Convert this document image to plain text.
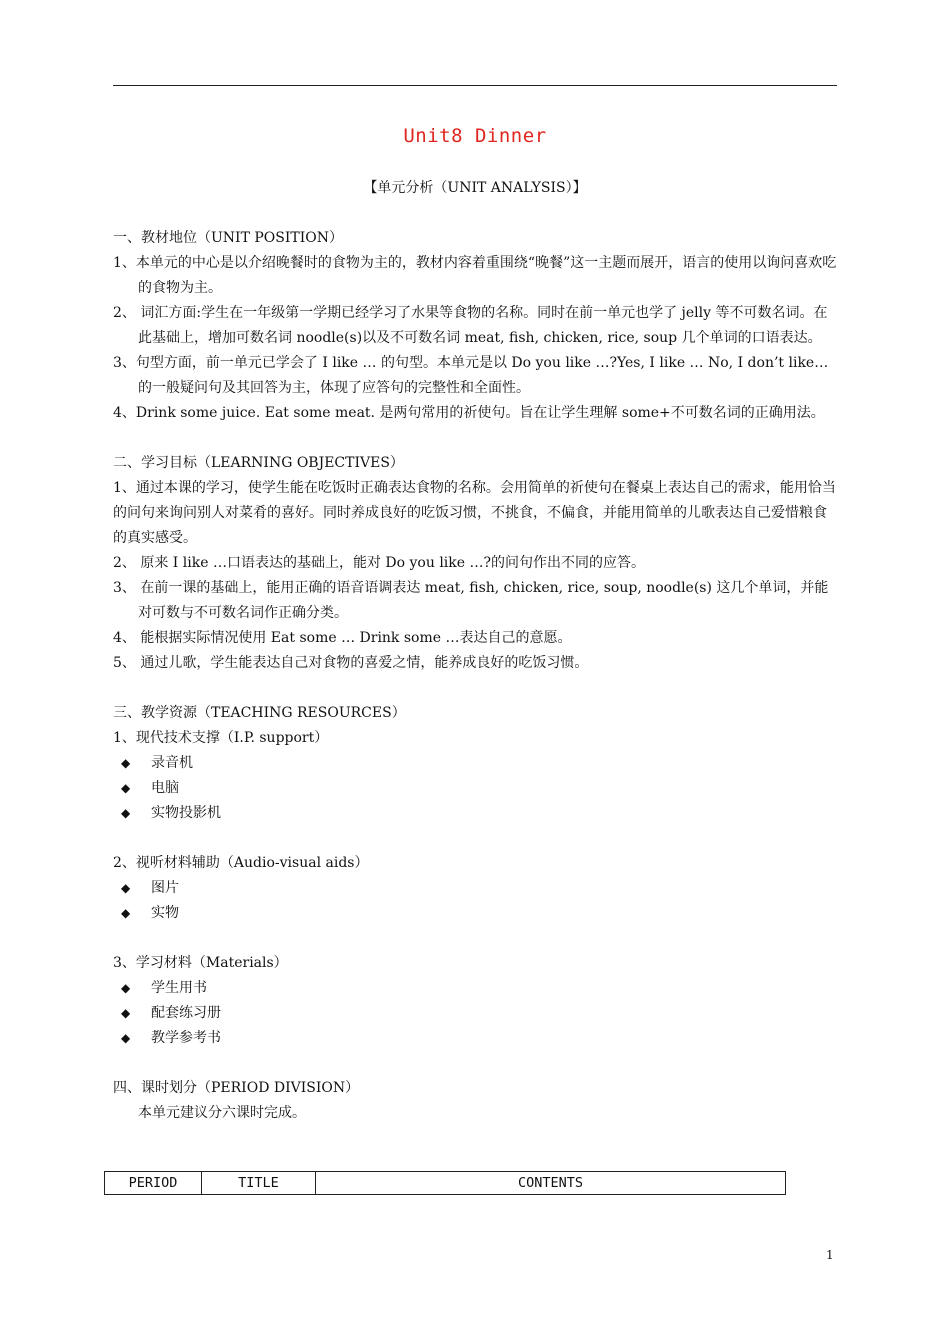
Unit8 Dinner
【单元分析（UNIT ANALYSIS）】

一、教材地位（UNIT POSITION）

1、本单元的中心是以介绍晚餐时的食物为主的，教材内容着重围绕“晚餐”这一主题而展开，语言的使用以询问喜欢吃的食物为主。

2、 词汇方面:学生在一年级第一学期已经学习了水果等食物的名称。同时在前一单元也学了 jelly 等不可数名词。在此基础上，增加可数名词 noodle(s)以及不可数名词 meat, fish, chicken, rice, soup 几个单词的口语表达。

3、句型方面，前一单元已学会了 I like … 的句型。本单元是以 Do you like …?Yes, I like … No, I don’t like…的一般疑问句及其回答为主，体现了应答句的完整性和全面性。

4、Drink some juice. Eat some meat. 是两句常用的祈使句。旨在让学生理解 some+不可数名词的正确用法。

二、学习目标（LEARNING OBJECTIVES）

1、通过本课的学习，使学生能在吃饭时正确表达食物的名称。会用简单的祈使句在餐桌上表达自己的需求，能用恰当的问句来询问别人对菜肴的喜好。同时养成良好的吃饭习惯，不挑食，不偏食，并能用简单的儿歌表达自己爱惜粮食的真实感受。

2、 原来 I like …口语表达的基础上，能对 Do you like …?的问句作出不同的应答。

3、 在前一课的基础上，能用正确的语音语调表达 meat, fish, chicken, rice, soup, noodle(s) 这几个单词，并能对可数与不可数名词作正确分类。

4、 能根据实际情况使用 Eat some … Drink some …表达自己的意愿。

5、 通过儿歌，学生能表达自己对食物的喜爱之情，能养成良好的吃饭习惯。

三、教学资源（TEACHING RESOURCES）

1、现代技术支撑（I.P. support）

◆ 录音机

◆ 电脑

◆ 实物投影机

2、视听材料辅助（Audio-visual aids）

◆ 图片

◆ 实物

3、学习材料（Materials）

◆ 学生用书

◆ 配套练习册

◆ 教学参考书

四、课时划分（PERIOD DIVISION）

本单元建议分六课时完成。

PERIOD	TITLE	CONTENTS
1
